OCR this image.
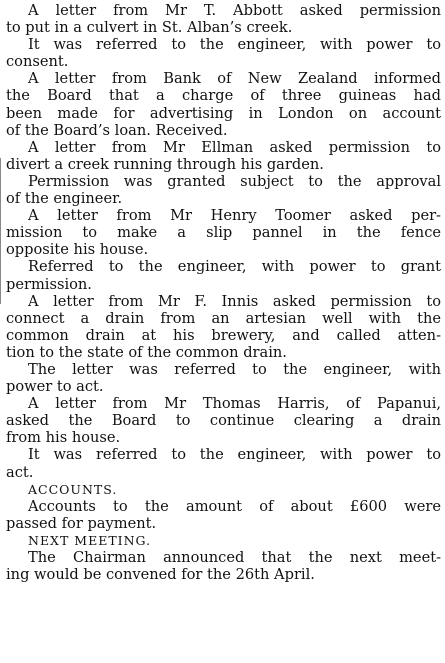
A letter from Mr T. Abbott asked permission
to put in a culvert in St. Alban’s creek.
It was referred to the engineer, with power to
consent.
A letter from Bank of New Zealand informed
the Board that a charge of three guineas had
been made for advertising in London on account
of the Board’s loan. Received.
A letter from Mr Ellman asked permission to
divert a creek running through his garden.
Permission was granted subject to the approval
of the engineer.
A letter from Mr Henry Toomer asked per-
mission to make a slip pannel in the fence
opposite his house.
Referred to the engineer, with power to grant
permission.
A letter from Mr F. Innis asked permission to
connect a drain from an artesian well with the
common drain at his brewery, and called atten-
tion to the state of the common drain.
The letter was referred to the engineer, with
power to act.
A letter from Mr Thomas Harris, of Papanui,
asked the Board to continue clearing a drain
from his house.
It was referred to the engineer, with power to
act.

ACCOUNTS.

Accounts to the amount of about £600 were
passed for payment.

NEXT MEETING.

The Chairman announced that the next meet-
ing would be convened for the 26th April.
